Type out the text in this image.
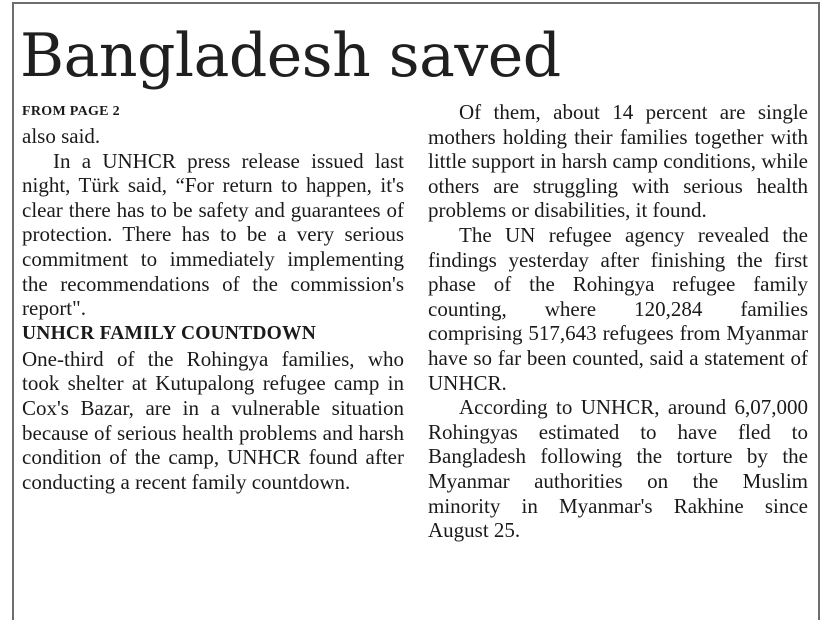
Bangladesh saved

FROM PAGE 2

also said.

In a UNHCR press release issued last night, Türk said, “For return to happen, it's clear there has to be safety and guarantees of protection. There has to be a very serious commitment to immediately implementing the recommendations of the commission's report".

UNHCR FAMILY COUNTDOWN

One-third of the Rohingya families, who took shelter at Kutupalong refugee camp in Cox's Bazar, are in a vulnerable situation because of serious health problems and harsh condition of the camp, UNHCR found after conducting a recent family countdown.

Of them, about 14 percent are single mothers holding their families together with little support in harsh camp conditions, while others are struggling with serious health problems or disabilities, it found.

The UN refugee agency revealed the findings yesterday after finishing the first phase of the Rohingya refugee family counting, where 120,284 families comprising 517,643 refugees from Myanmar have so far been counted, said a statement of UNHCR.

According to UNHCR, around 6,07,000 Rohingyas estimated to have fled to Bangladesh following the torture by the Myanmar authorities on the Muslim minority in Myanmar's Rakhine since August 25.
